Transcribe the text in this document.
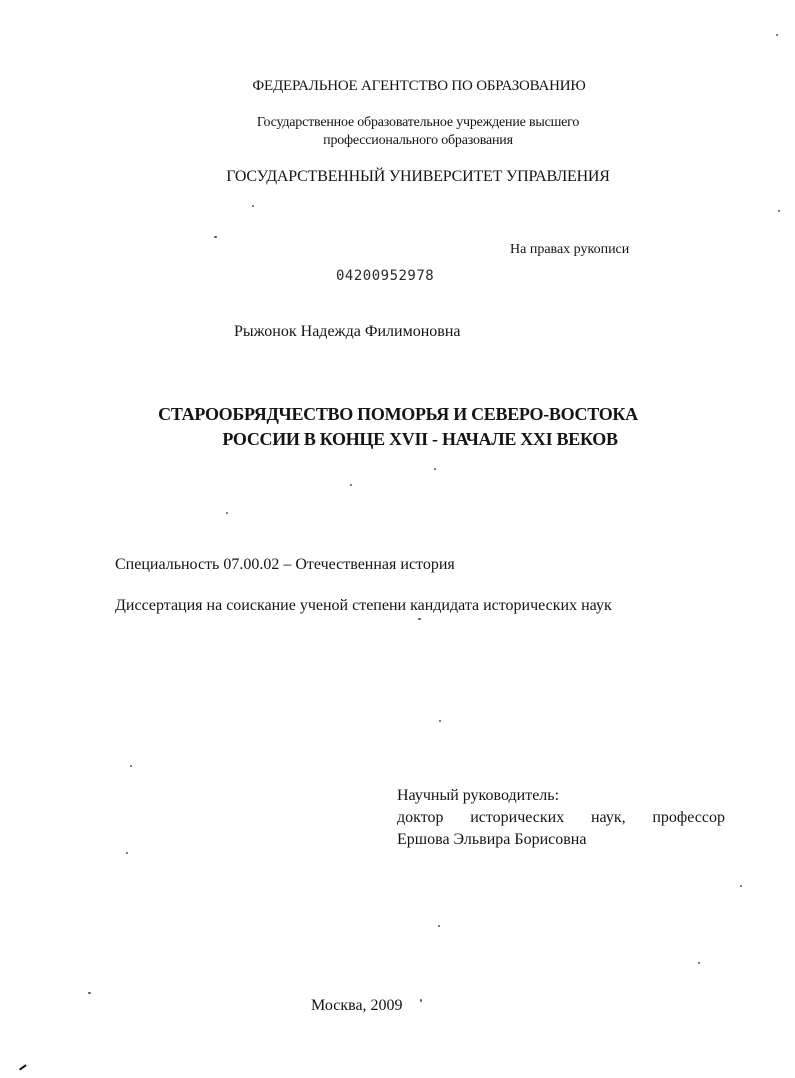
ФЕДЕРАЛЬНОЕ АГЕНТСТВО ПО ОБРАЗОВАНИЮ
Государственное образовательное учреждение высшего
профессионального образования
ГОСУДАРСТВЕННЫЙ УНИВЕРСИТЕТ УПРАВЛЕНИЯ
На правах рукописи
04200952978
Рыжонок Надежда Филимоновна
СТАРООБРЯДЧЕСТВО ПОМОРЬЯ И СЕВЕРО-ВОСТОКА
РОССИИ В КОНЦЕ XVII - НАЧАЛЕ XXI ВЕКОВ
Специальность 07.00.02 – Отечественная история
Диссертация на соискание ученой степени кандидата исторических наук
Научный руководитель:
доктор исторических наук, профессор
Ершова Эльвира Борисовна
Москва, 2009
